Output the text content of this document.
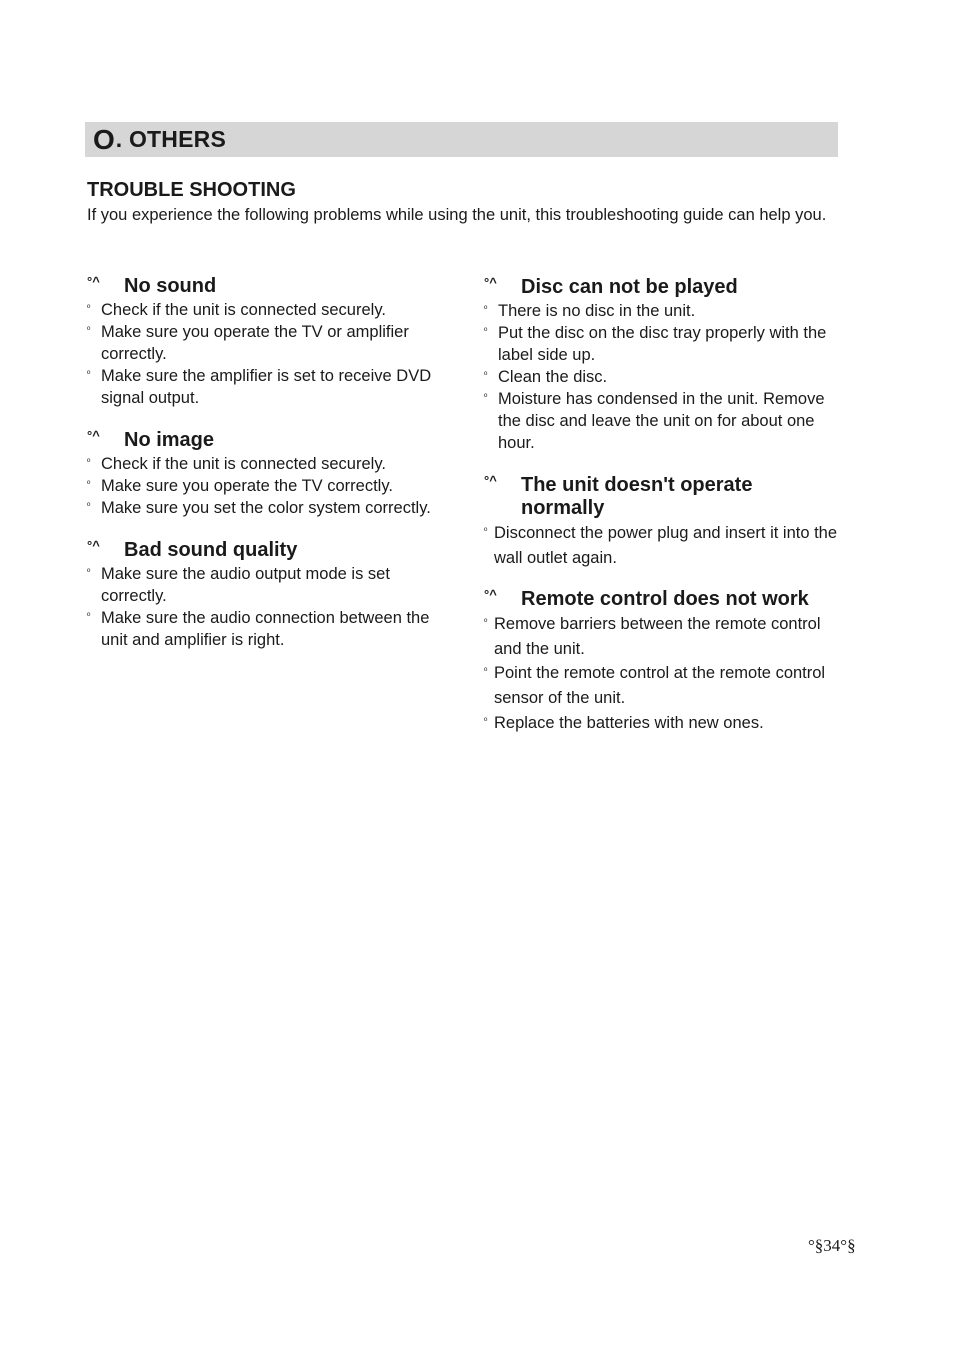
O . OTHERS
TROUBLE SHOOTING
If you experience the following problems while using the unit, this troubleshooting guide can help you.
°^	No sound
º Check if the unit is connected securely.
º Make sure you operate the TV or amplifier correctly.
º Make sure the amplifier is set to receive DVD signal output.
°^	No image
º Check if the unit is connected securely.
º Make sure you operate the TV correctly.
º Make sure you set the color system correctly.
°^	Bad sound quality
º Make sure the audio output mode is set correctly.
º Make sure the audio connection between the unit and amplifier is right.
°^	Disc can not be played
º There is no disc in the unit.
º Put the disc on the disc tray properly with the label side up.
º Clean the disc.
º Moisture has condensed in the unit. Remove the disc and leave the unit on for about one hour.
°^	The unit doesn't operate normally
º Disconnect the power plug and insert it into the wall outlet again.
°^	Remote control does not work
º Remove barriers between the remote control and the unit.
º Point the remote control at the remote control sensor of the unit.
º Replace the batteries with new ones.
°§34°§
